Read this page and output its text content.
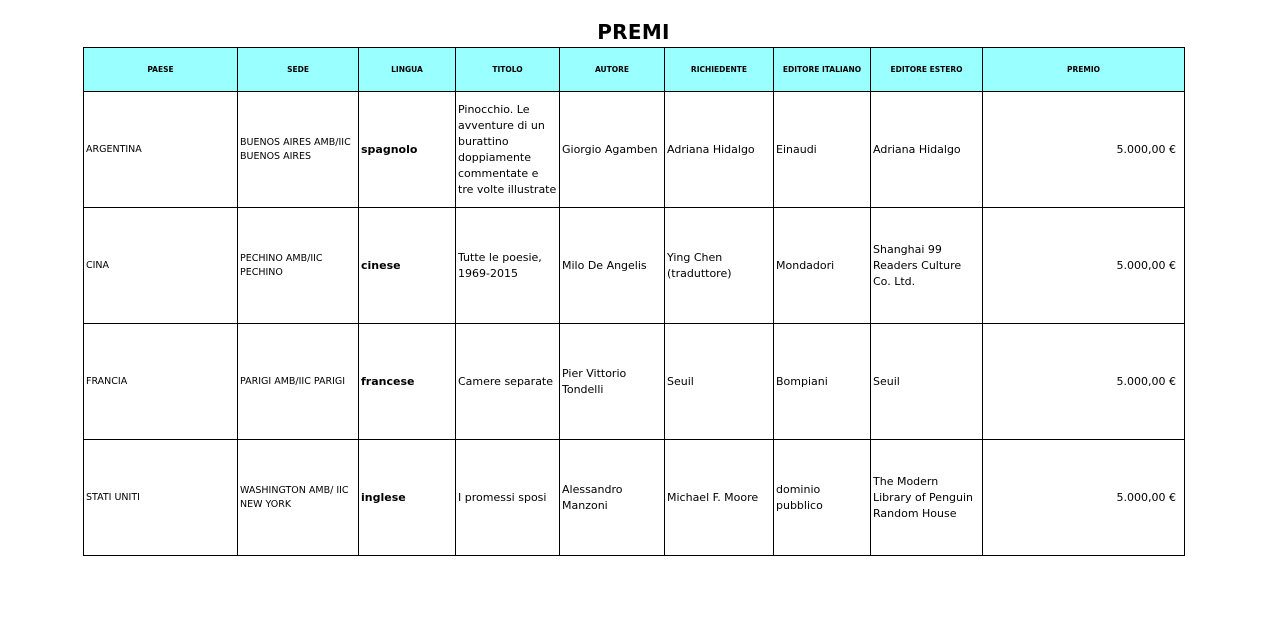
PREMI
PAESE	SEDE	LINGUA	TITOLO	AUTORE	RICHIEDENTE	EDITORE ITALIANO	EDITORE ESTERO	PREMIO
ARGENTINA	BUENOS AIRES AMB/IIC BUENOS AIRES	spagnolo	Pinocchio. Le avventure di un burattino doppiamente commentate e tre volte illustrate	Giorgio Agamben	Adriana Hidalgo	Einaudi	Adriana Hidalgo	5.000,00 €
CINA	PECHINO AMB/IIC PECHINO	cinese	Tutte le poesie, 1969-2015	Milo De Angelis	Ying Chen (traduttore)	Mondadori	Shanghai 99 Readers Culture Co. Ltd.	5.000,00 €
FRANCIA	PARIGI AMB/IIC PARIGI	francese	Camere separate	Pier Vittorio Tondelli	Seuil	Bompiani	Seuil	5.000,00 €
STATI UNITI	WASHINGTON AMB/ IIC NEW YORK	inglese	I promessi sposi	Alessandro Manzoni	Michael F. Moore	dominio pubblico	The Modern Library of Penguin Random House	5.000,00 €
